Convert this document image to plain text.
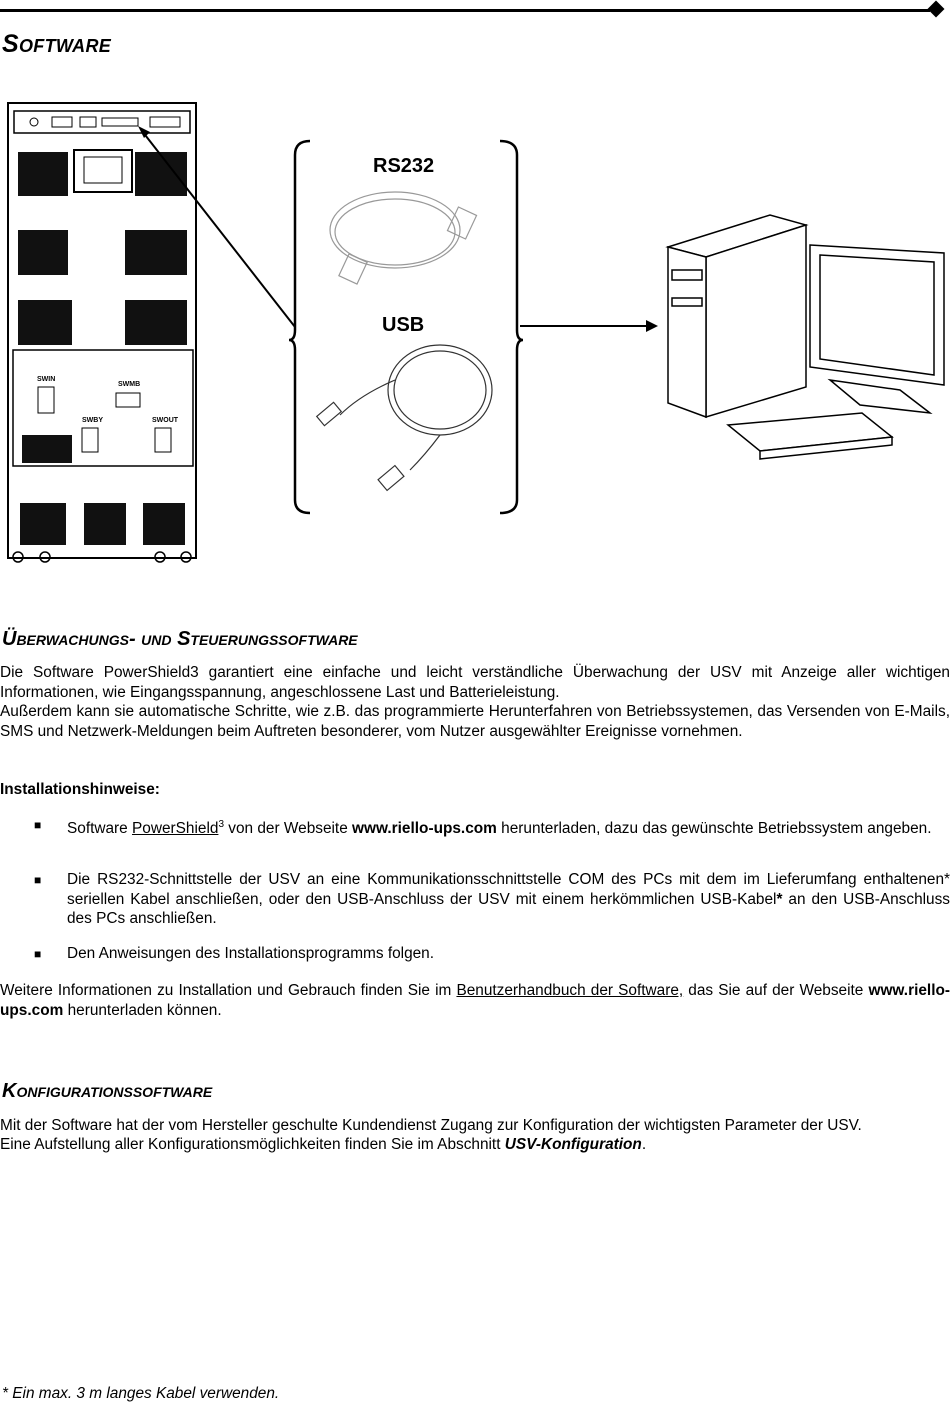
Software
SWIN
SWMB
SWBY	SWOUT
RS232
USB
Überwachungs- und Steuerungssoftware
Die Software PowerShield3 garantiert eine einfache und leicht verständliche Überwachung der USV mit Anzeige aller wichtigen Informationen, wie Eingangsspannung, angeschlossene Last und Batterieleistung.
Außerdem kann sie automatische Schritte, wie z.B. das programmierte Herunterfahren von Betriebssystemen, das Versenden von E-Mails, SMS und Netzwerk-Meldungen beim Auftreten besonderer, vom Nutzer ausgewählter Ereignisse vornehmen.
Installationshinweise:
■ Software PowerShield$^3$ von der Webseite www.riello-ups.com herunterladen, dazu das gewünschte Betriebssystem angeben.
■ Die RS232-Schnittstelle der USV an eine Kommunikationsschnittstelle COM des PCs mit dem im Lieferumfang enthaltenen* seriellen Kabel anschließen, oder den USB-Anschluss der USV mit einem herkömmlichen USB-Kabel* an den USB-Anschluss des PCs anschließen.
■ Den Anweisungen des Installationsprogramms folgen.
Weitere Informationen zu Installation und Gebrauch finden Sie im Benutzerhandbuch der Software, das Sie auf der Webseite www.riello-ups.com herunterladen können.
Konfigurationssoftware
Mit der Software hat der vom Hersteller geschulte Kundendienst Zugang zur Konfiguration der wichtigsten Parameter der USV.
Eine Aufstellung aller Konfigurationsmöglichkeiten finden Sie im Abschnitt USV-Konfiguration.
* Ein max. 3 m langes Kabel verwenden.
